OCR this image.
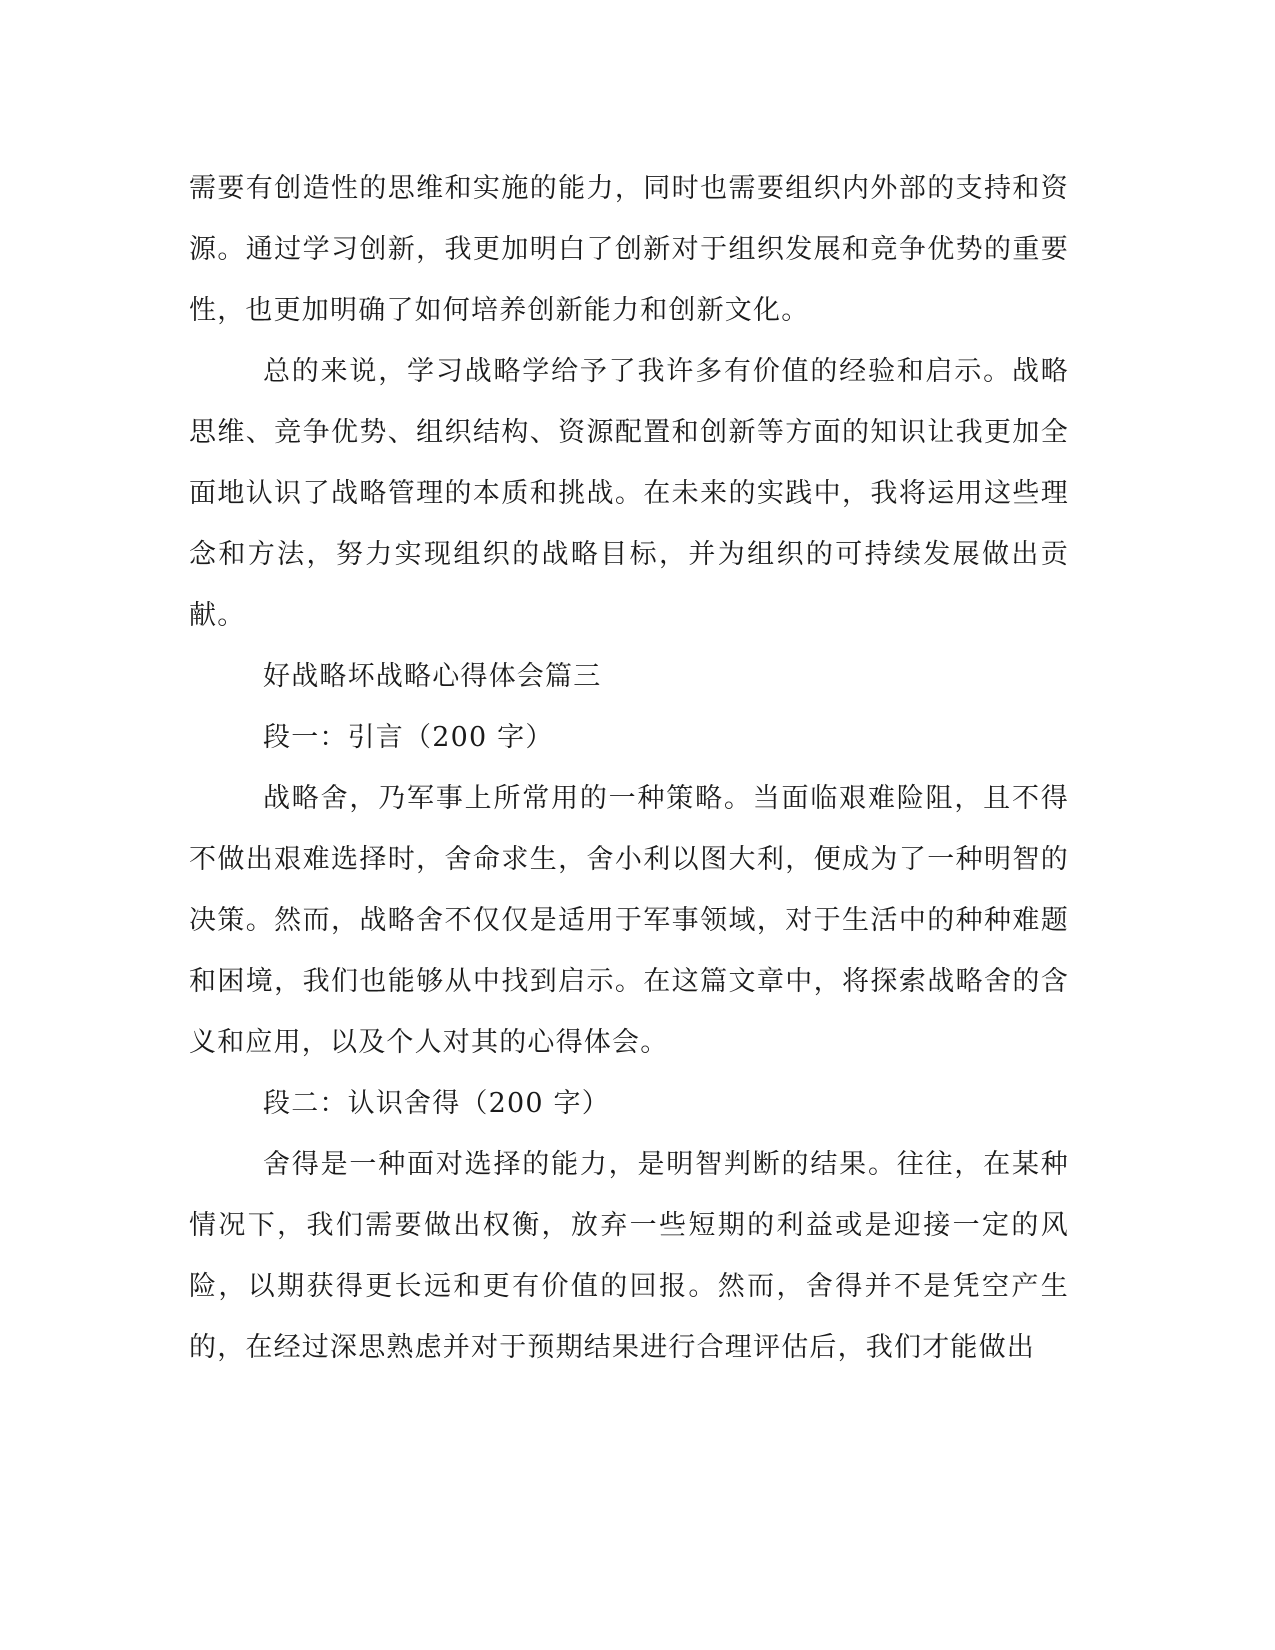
需要有创造性的思维和实施的能力，同时也需要组织内外部的支持和资源。通过学习创新，我更加明白了创新对于组织发展和竞争优势的重要性，也更加明确了如何培养创新能力和创新文化。

总的来说，学习战略学给予了我许多有价值的经验和启示。战略思维、竞争优势、组织结构、资源配置和创新等方面的知识让我更加全面地认识了战略管理的本质和挑战。在未来的实践中，我将运用这些理念和方法，努力实现组织的战略目标，并为组织的可持续发展做出贡献。

好战略坏战略心得体会篇三

段一：引言（200 字）

战略舍，乃军事上所常用的一种策略。当面临艰难险阻，且不得不做出艰难选择时，舍命求生，舍小利以图大利，便成为了一种明智的决策。然而，战略舍不仅仅是适用于军事领域，对于生活中的种种难题和困境，我们也能够从中找到启示。在这篇文章中，将探索战略舍的含义和应用，以及个人对其的心得体会。

段二：认识舍得（200 字）

舍得是一种面对选择的能力，是明智判断的结果。往往，在某种情况下，我们需要做出权衡，放弃一些短期的利益或是迎接一定的风险，以期获得更长远和更有价值的回报。然而，舍得并不是凭空产生的，在经过深思熟虑并对于预期结果进行合理评估后，我们才能做出
